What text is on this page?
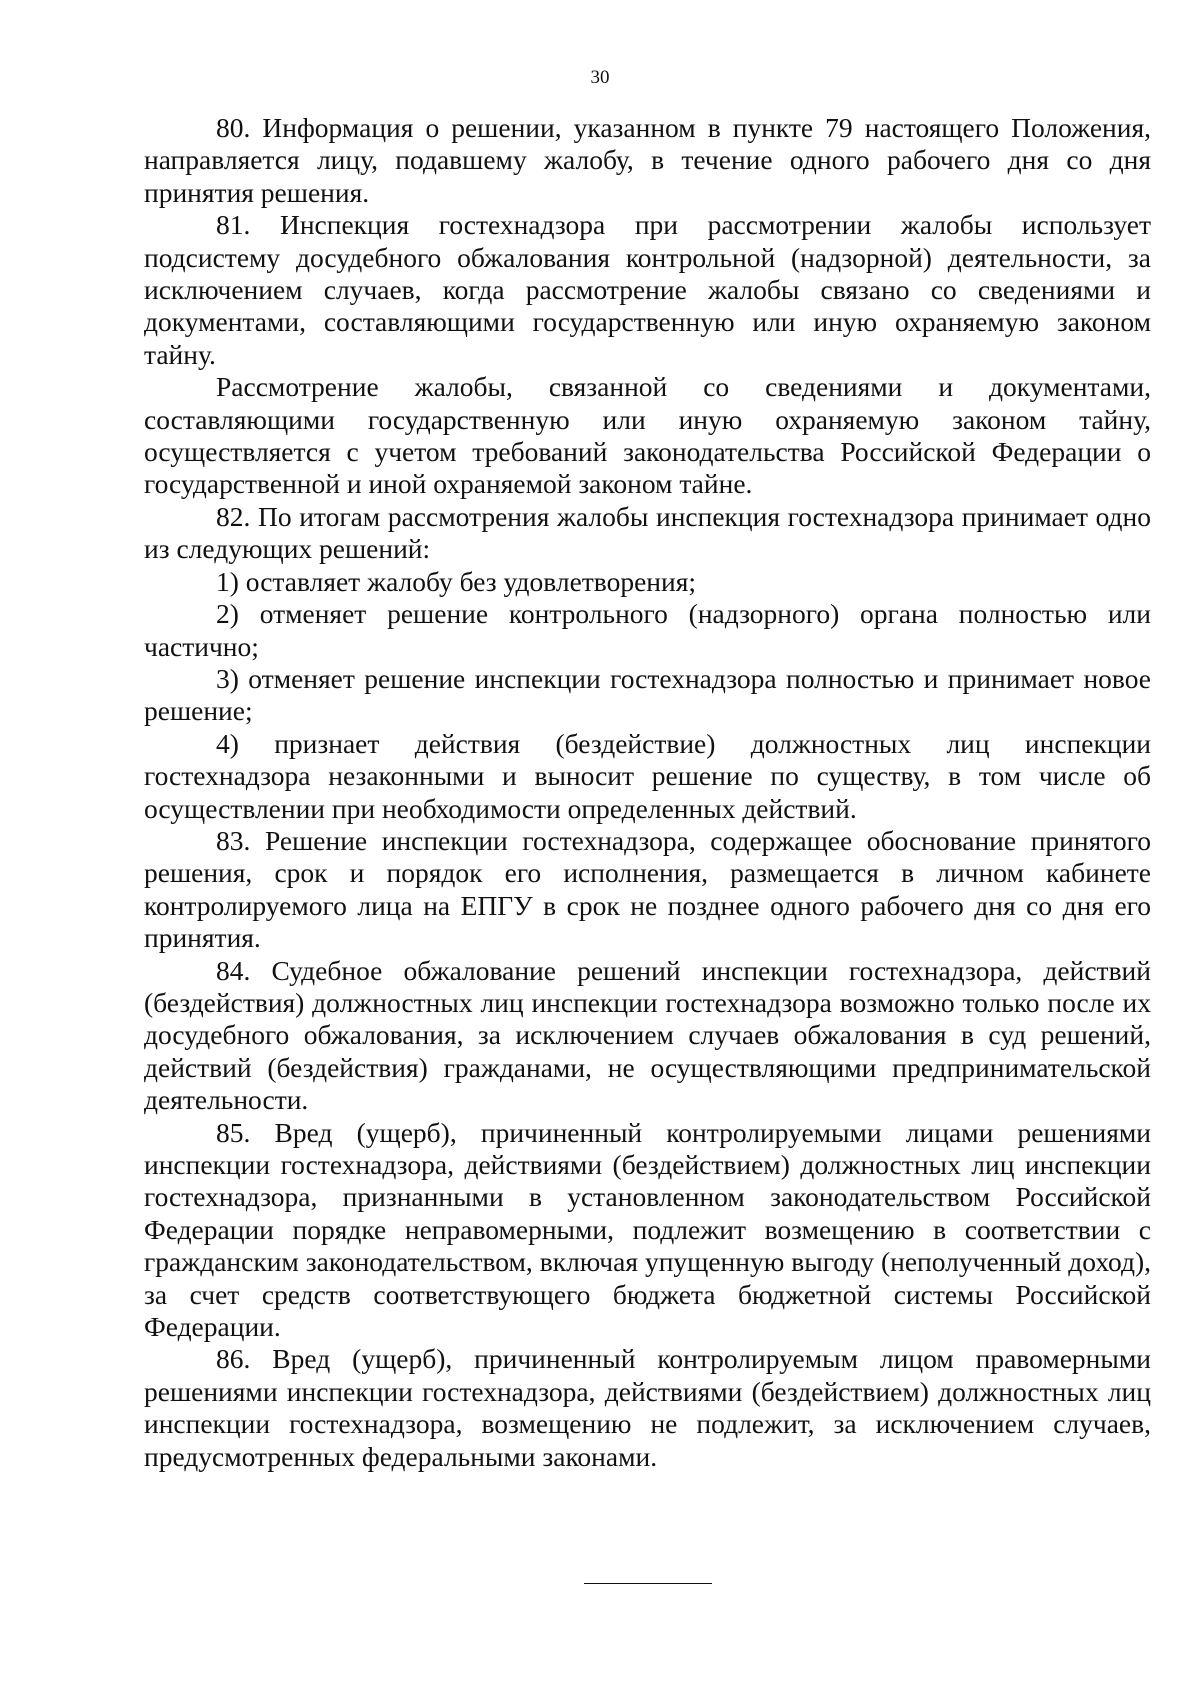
30

80. Информация о решении, указанном в пункте 79 настоящего Положения, направляется лицу, подавшему жалобу, в течение одного рабочего дня со дня принятия решения.

81. Инспекция гостехнадзора при рассмотрении жалобы использует подсистему досудебного обжалования контрольной (надзорной) деятельности, за исключением случаев, когда рассмотрение жалобы связано со сведениями и документами, составляющими государственную или иную охраняемую законом тайну.

Рассмотрение жалобы, связанной со сведениями и документами, составляющими государственную или иную охраняемую законом тайну, осуществляется с учетом требований законодательства Российской Федерации о государственной и иной охраняемой законом тайне.

82. По итогам рассмотрения жалобы инспекция гостехнадзора принимает одно из следующих решений:

1) оставляет жалобу без удовлетворения;

2) отменяет решение контрольного (надзорного) органа полностью или частично;

3) отменяет решение инспекции гостехнадзора полностью и принимает новое решение;

4) признает действия (бездействие) должностных лиц инспекции гостехнадзора незаконными и выносит решение по существу, в том числе об осуществлении при необходимости определенных действий.

83. Решение инспекции гостехнадзора, содержащее обоснование принятого решения, срок и порядок его исполнения, размещается в личном кабинете контролируемого лица на ЕПГУ в срок не позднее одного рабочего дня со дня его принятия.

84. Судебное обжалование решений инспекции гостехнадзора, действий (бездействия) должностных лиц инспекции гостехнадзора возможно только после их досудебного обжалования, за исключением случаев обжалования в суд решений, действий (бездействия) гражданами, не осуществляющими предпринимательской деятельности.

85. Вред (ущерб), причиненный контролируемыми лицами решениями инспекции гостехнадзора, действиями (бездействием) должностных лиц инспекции гостехнадзора, признанными в установленном законодательством Российской Федерации порядке неправомерными, подлежит возмещению в соответствии с гражданским законодательством, включая упущенную выгоду (неполученный доход), за счет средств соответствующего бюджета бюджетной системы Российской Федерации.

86. Вред (ущерб), причиненный контролируемым лицом правомерными решениями инспекции гостехнадзора, действиями (бездействием) должностных лиц инспекции гостехнадзора, возмещению не подлежит, за исключением случаев, предусмотренных федеральными законами.
